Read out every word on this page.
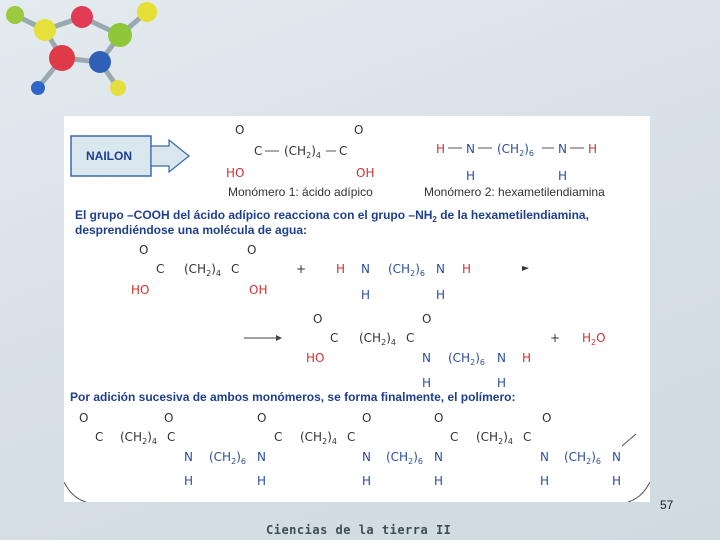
NAILON
O	O
C $(CH_2)_4$ C
HO	OH
Monómero 1: ácido adípico
H N $(CH_2)_6$ N H
H	H
Monómero 2: hexametilendiamina
El grupo –COOH del ácido adípico reacciona con el grupo $-NH_2$ de la hexametilendiamina,
desprendiéndose una molécula de agua:
O	O
C $(CH_2)_4$ C
HO	OH
+ H N $(CH_2)_6$ N H
H	H
O	O
C $(CH_2)_4$ C
HO	N $(CH_2)_6$ N H
H	H
+ $H_2O$
Por adición sucesiva de ambos monómeros, se forma finalmente, el polímero:
O	O
C $(CH_2)_4$ C
N $(CH_2)_6$ N
H	H
O	O
C $(CH_2)_4$ C
N $(CH_2)_6$ N
H	H
O	O
C $(CH_2)_4$ C
N $(CH_2)_6$ N
H	H
57
Ciencias de la tierra II
